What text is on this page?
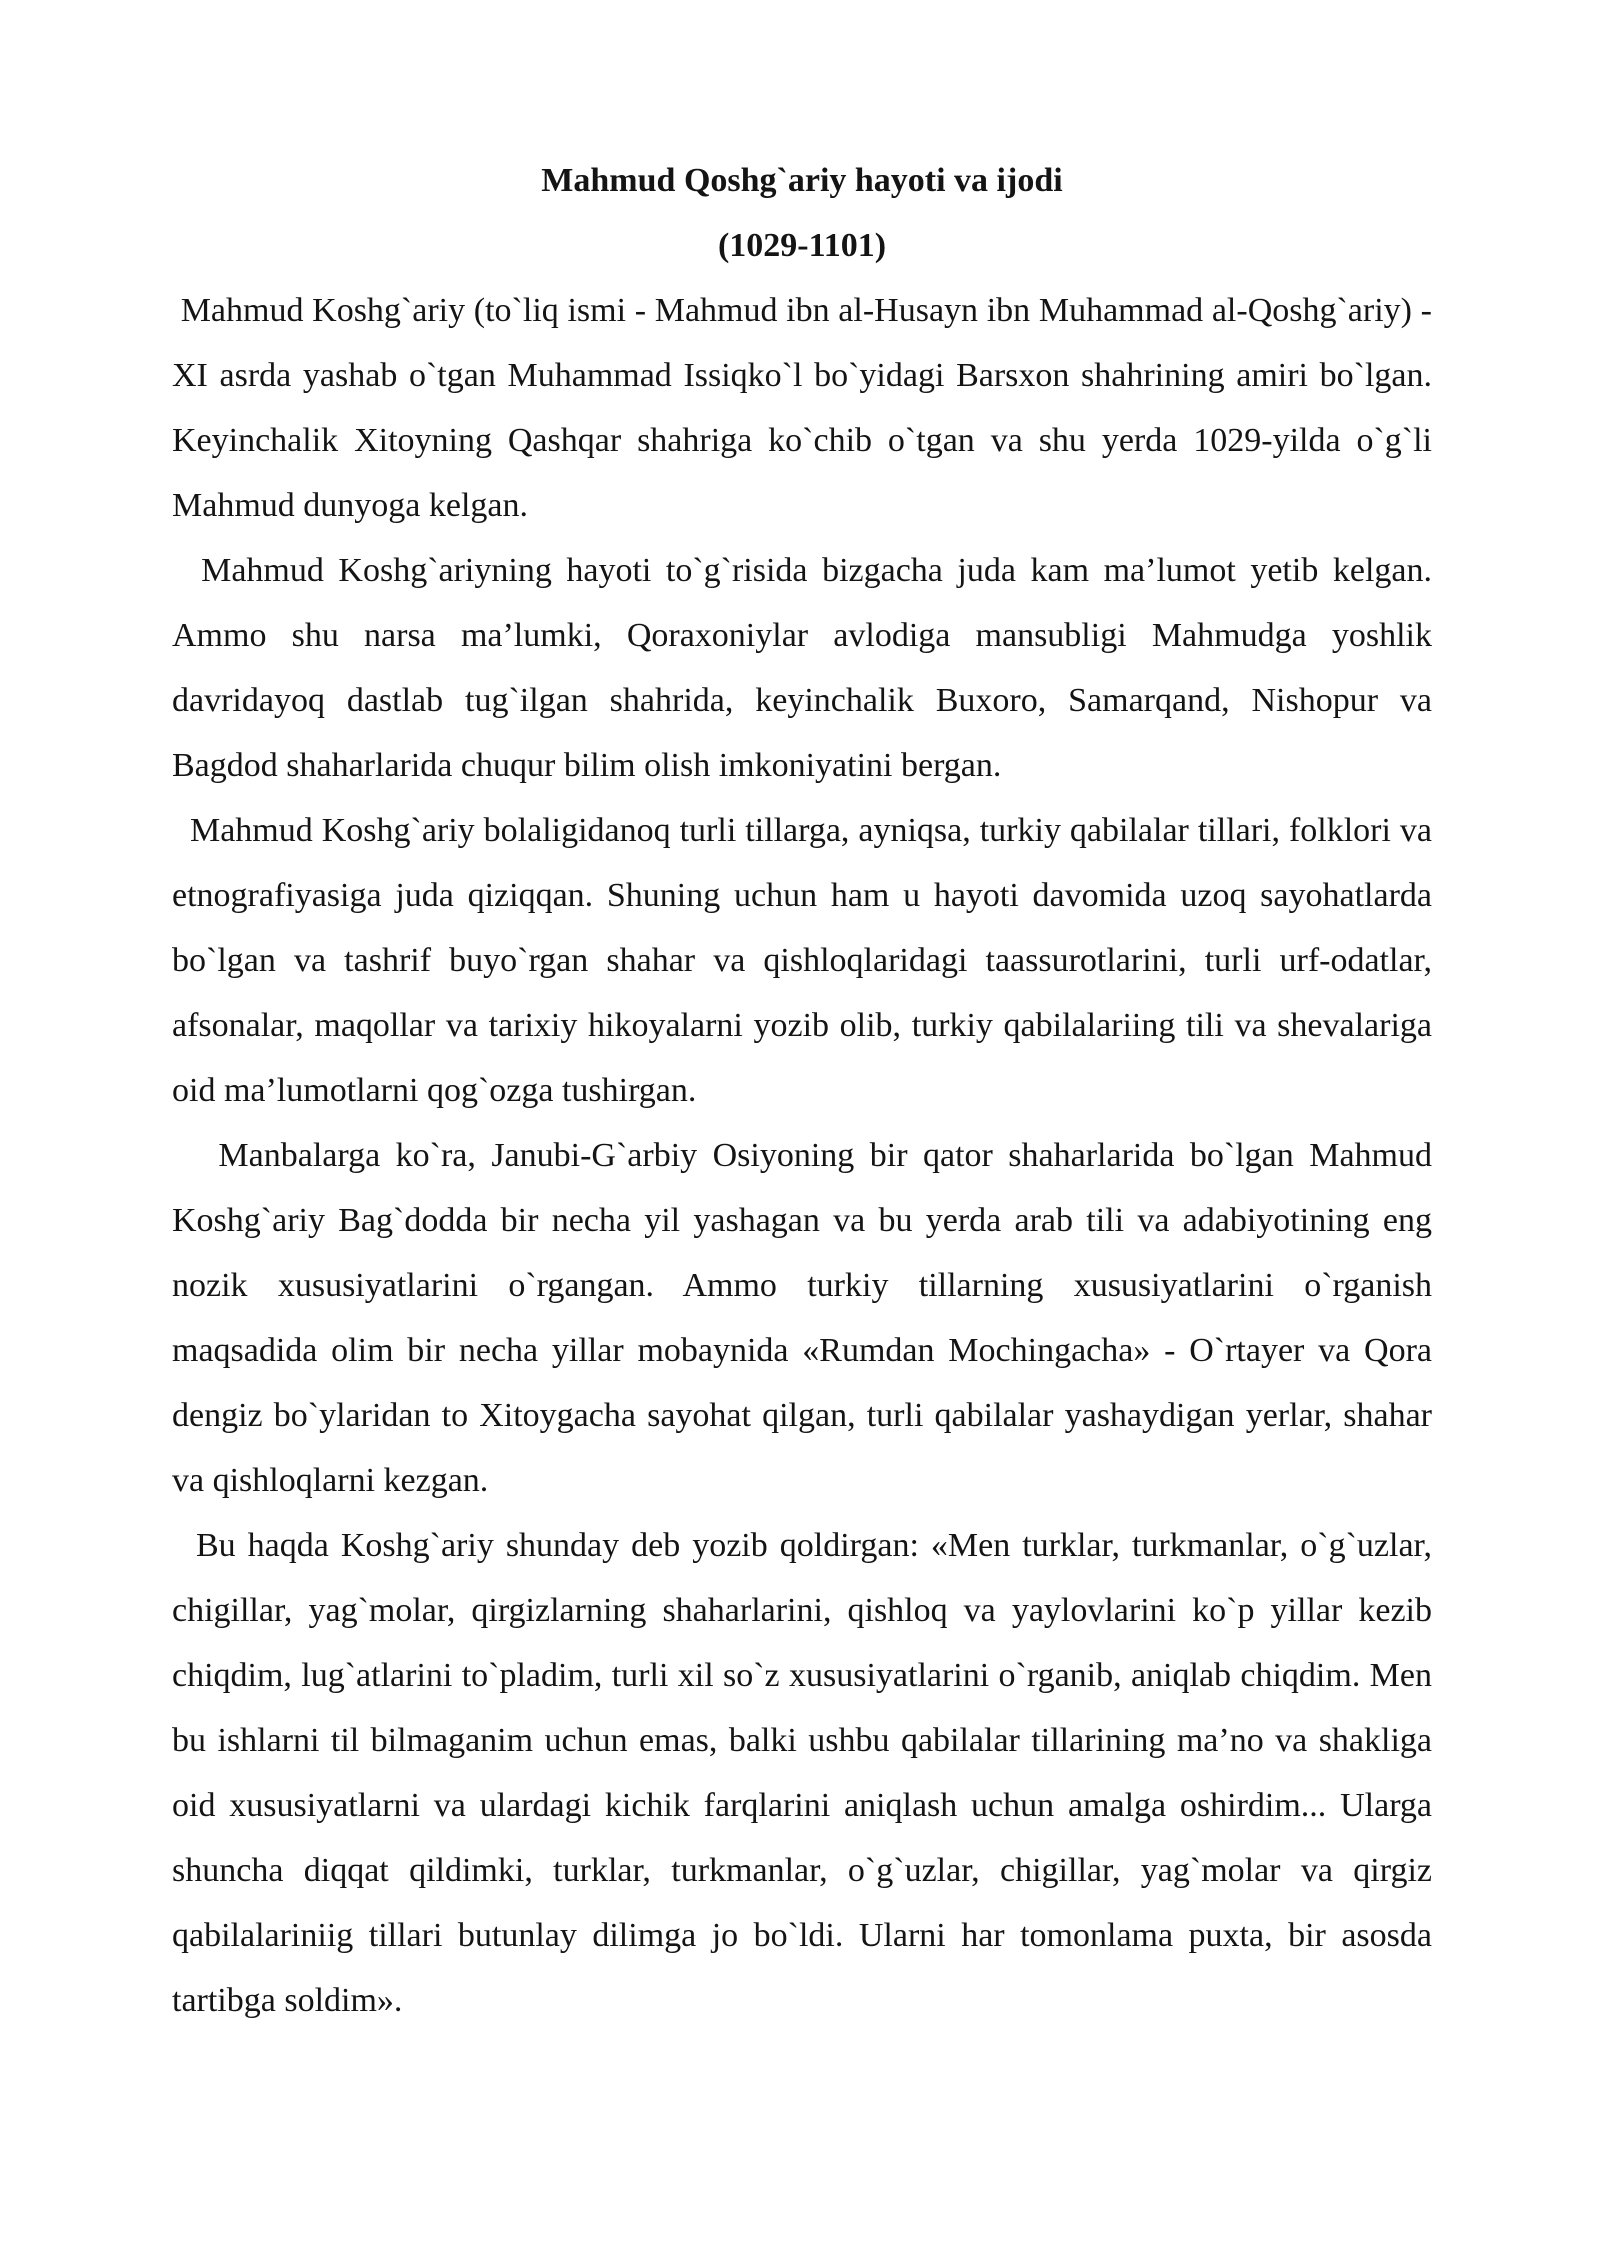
Mahmud Qoshg`ariy hayoti va ijodi

(1029-1101)

Mahmud Koshg`ariy (to`liq ismi - Mahmud ibn al-Husayn ibn Muhammad al-Qoshg`ariy) - XI asrda yashab o`tgan Muhammad Issiqko`l bo`yidagi Barsxon shahrining amiri bo`lgan. Keyinchalik Xitoyning Qashqar shahriga ko`chib o`tgan va shu yerda 1029-yilda o`g`li Mahmud dunyoga kelgan.

Mahmud Koshg`ariyning hayoti to`g`risida bizgacha juda kam ma’lumot yetib kelgan. Ammo shu narsa ma’lumki, Qoraxoniylar avlodiga mansubligi Mahmudga yoshlik davridayoq dastlab tug`ilgan shahrida, keyinchalik Buxoro, Samarqand, Nishopur va Bagdod shaharlarida chuqur bilim olish imkoniyatini bergan.

Mahmud Koshg`ariy bolaligidanoq turli tillarga, ayniqsa, turkiy qabilalar tillari, folklori va etnografiyasiga juda qiziqqan. Shuning uchun ham u hayoti davomida uzoq sayohatlarda bo`lgan va tashrif buyo`rgan shahar va qishloqlaridagi taassurotlarini, turli urf-odatlar, afsonalar, maqollar va tarixiy hikoyalarni yozib olib, turkiy qabilalariing tili va shevalariga oid ma’lumotlarni qog`ozga tushirgan.

Manbalarga ko`ra, Janubi-G`arbiy Osiyoning bir qator shaharlarida bo`lgan Mahmud Koshg`ariy Bag`dodda bir necha yil yashagan va bu yerda arab tili va adabiyotining eng nozik xususiyatlarini o`rgangan. Ammo turkiy tillarning xususiyatlarini o`rganish maqsadida olim bir necha yillar mobaynida «Rumdan Mochingacha» - O`rtayer va Qora dengiz bo`ylaridan to Xitoygacha sayohat qilgan, turli qabilalar yashaydigan yerlar, shahar va qishloqlarni kezgan.

Bu haqda Koshg`ariy shunday deb yozib qoldirgan: «Men turklar, turkmanlar, o`g`uzlar, chigillar, yag`molar, qirgizlarning shaharlarini, qishloq va yaylovlarini ko`p yillar kezib chiqdim, lug`atlarini to`pladim, turli xil so`z xususiyatlarini o`rganib, aniqlab chiqdim. Men bu ishlarni til bilmaganim uchun emas, balki ushbu qabilalar tillarining ma’no va shakliga oid xususiyatlarni va ulardagi kichik farqlarini aniqlash uchun amalga oshirdim... Ularga shuncha diqqat qildimki, turklar, turkmanlar, o`g`uzlar, chigillar, yag`molar va qirgiz qabilalariniig tillari butunlay dilimga jo bo`ldi. Ularni har tomonlama puxta, bir asosda tartibga soldim».
